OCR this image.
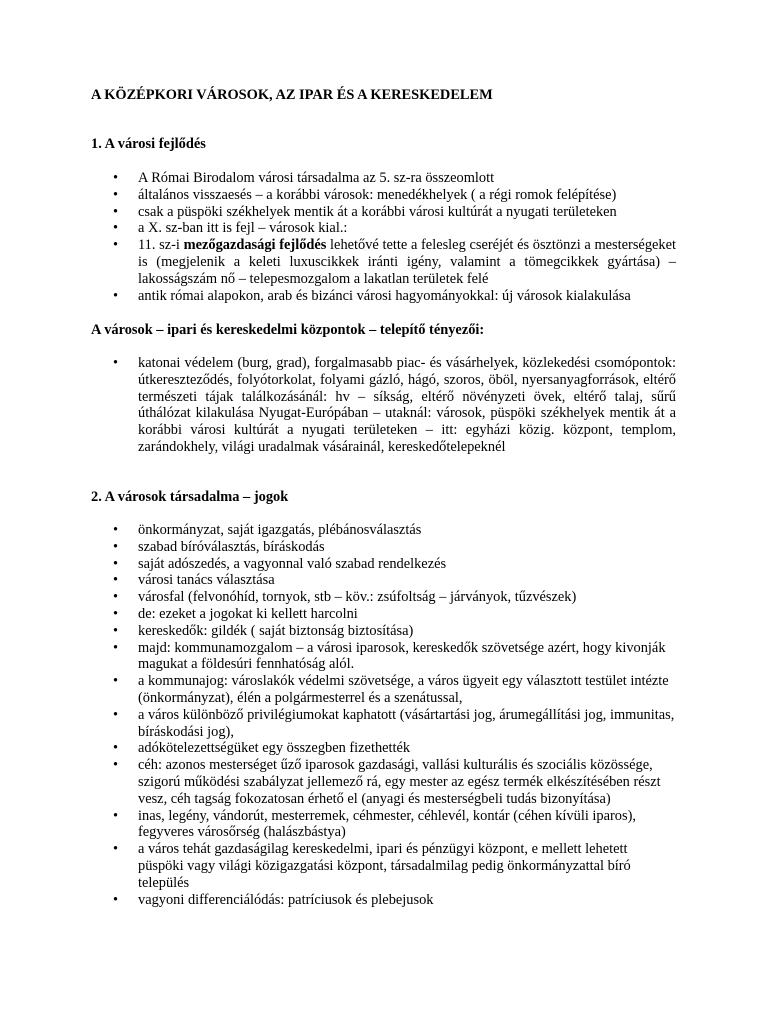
A KÖZÉPKORI VÁROSOK, AZ IPAR ÉS A KERESKEDELEM
1. A városi fejlődés
• A Római Birodalom városi társadalma az 5. sz-ra összeomlott
• általános visszaesés – a korábbi városok: menedékhelyek ( a régi romok felépítése)
• csak a püspöki székhelyek mentik át a korábbi városi kultúrát a nyugati területeken
• a X. sz-ban itt is fejl – városok kial.:
• 11. sz-i mezőgazdasági fejlődés lehetővé tette a felesleg cseréjét és ösztönzi a mesterségeket is (megjelenik a keleti luxuscikkek iránti igény, valamint a tömegcikkek gyártása) – lakosságszám nő – telepesmozgalom a lakatlan területek felé
• antik római alapokon, arab és bizánci városi hagyományokkal: új városok kialakulása
A városok – ipari és kereskedelmi központok – telepítő tényezői:
• katonai védelem (burg, grad), forgalmasabb piac- és vásárhelyek, közlekedési csomópontok: útkereszteződés, folyótorkolat, folyami gázló, hágó, szoros, öböl, nyersanyagforrások, eltérő természeti tájak találkozásánál: hv – síkság, eltérő növényzeti övek, eltérő talaj, sűrű úthálózat kilakulása Nyugat-Európában – utaknál: városok, püspöki székhelyek mentik át a korábbi városi kultúrát a nyugati területeken – itt: egyházi közig. központ, templom, zarándokhely, világi uradalmak vásárainál, kereskedőtelepeknél
2. A városok társadalma – jogok
• önkormányzat, saját igazgatás, plébánosválasztás
• szabad bíróválasztás, bíráskodás
• saját adószedés, a vagyonnal való szabad rendelkezés
• városi tanács választása
• városfal (felvonóhíd, tornyok, stb – köv.: zsúfoltság – járványok, tűzvészek)
• de: ezeket a jogokat ki kellett harcolni
• kereskedők: gildék ( saját biztonság biztosítása)
• majd: kommunamozgalom – a városi iparosok, kereskedők szövetsége azért, hogy kivonják magukat a földesúri fennhatóság alól.
• a kommunajog: városlakók védelmi szövetsége, a város ügyeit egy választott testület intézte (önkormányzat), élén a polgármesterrel és a szenátussal,
• a város különböző privilégiumokat kaphatott (vásártartási jog, árumegállítási jog, immunitas, bíráskodási jog),
• adókötelezettségüket egy összegben fizethették
• céh: azonos mesterséget űző iparosok gazdasági, vallási kulturális és szociális közössége, szigorú működési szabályzat jellemező rá, egy mester az egész termék elkészítésében részt vesz, céh tagság fokozatosan érhető el (anyagi és mesterségbeli tudás bizonyítása)
• inas, legény, vándorút, mesterremek, céhmester, céhlevél, kontár (céhen kívüli iparos), fegyveres városőrség (halászbástya)
• a város tehát gazdaságilag kereskedelmi, ipari és pénzügyi központ, e mellett lehetett püspöki vagy világi közigazgatási központ, társadalmilag pedig önkormányzattal bíró település
• vagyoni differenciálódás: patríciusok és plebejusok
